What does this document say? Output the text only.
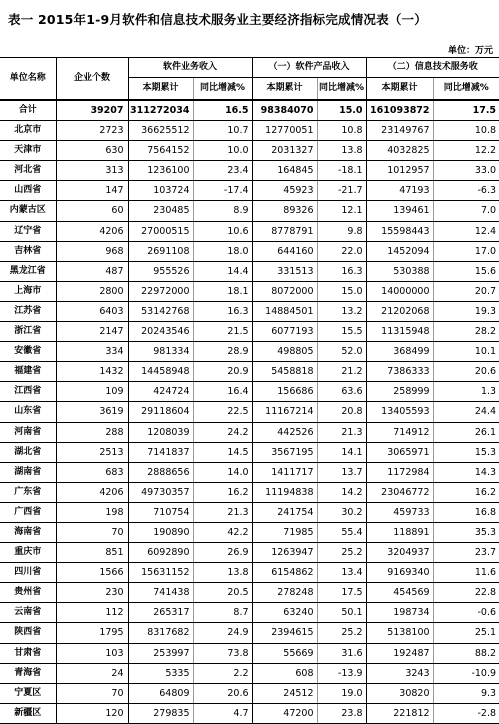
表一 2015年1-9月软件和信息技术服务业主要经济指标完成情况表（一）
单位：万元
单位名称	企业个数	软件业务收入		（一）软件产品收入		（二）信息技术服务收	
		本期累计	同比增减%	本期累计	同比增减%	本期累计	同比增减%
合计	39207	311272034	16.5	98384070	15.0	161093872	17.5
北京市	2723	36625512	10.7	12770051	10.8	23149767	10.8
天津市	630	7564152	10.0	2031327	13.8	4032825	12.2
河北省	313	1236100	23.4	164845	-18.1	1012957	33.0
山西省	147	103724	-17.4	45923	-21.7	47193	-6.3
内蒙古区	60	230485	8.9	89326	12.1	139461	7.0
辽宁省	4206	27000515	10.6	8778791	9.8	15598443	12.4
吉林省	968	2691108	18.0	644160	22.0	1452094	17.0
黑龙江省	487	955526	14.4	331513	16.3	530388	15.6
上海市	2800	22972000	18.1	8072000	15.0	14000000	20.7
江苏省	6403	53142768	16.3	14884501	13.2	21202068	19.3
浙江省	2147	20243546	21.5	6077193	15.5	11315948	28.2
安徽省	334	981334	28.9	498805	52.0	368499	10.1
福建省	1432	14458948	20.9	5458818	21.2	7386333	20.6
江西省	109	424724	16.4	156686	63.6	258999	1.3
山东省	3619	29118604	22.5	11167214	20.8	13405593	24.4
河南省	288	1208039	24.2	442526	21.3	714912	26.1
湖北省	2513	7141837	14.5	3567195	14.1	3065971	15.3
湖南省	683	2888656	14.0	1411717	13.7	1172984	14.3
广东省	4206	49730357	16.2	11194838	14.2	23046772	16.2
广西省	198	710754	21.3	241754	30.2	459733	16.8
海南省	70	190890	42.2	71985	55.4	118891	35.3
重庆市	851	6092890	26.9	1263947	25.2	3204937	23.7
四川省	1566	15631152	13.8	6154862	13.4	9169340	11.6
贵州省	230	741438	20.5	278248	17.5	454569	22.8
云南省	112	265317	8.7	63240	50.1	198734	-0.6
陕西省	1795	8317682	24.9	2394615	25.2	5138100	25.1
甘肃省	103	253997	73.8	55669	31.6	192487	88.2
青海省	24	5335	2.2	608	-13.9	3243	-10.9
宁夏区	70	64809	20.6	24512	19.0	30820	9.3
新疆区	120	279835	4.7	47200	23.8	221812	-2.8
